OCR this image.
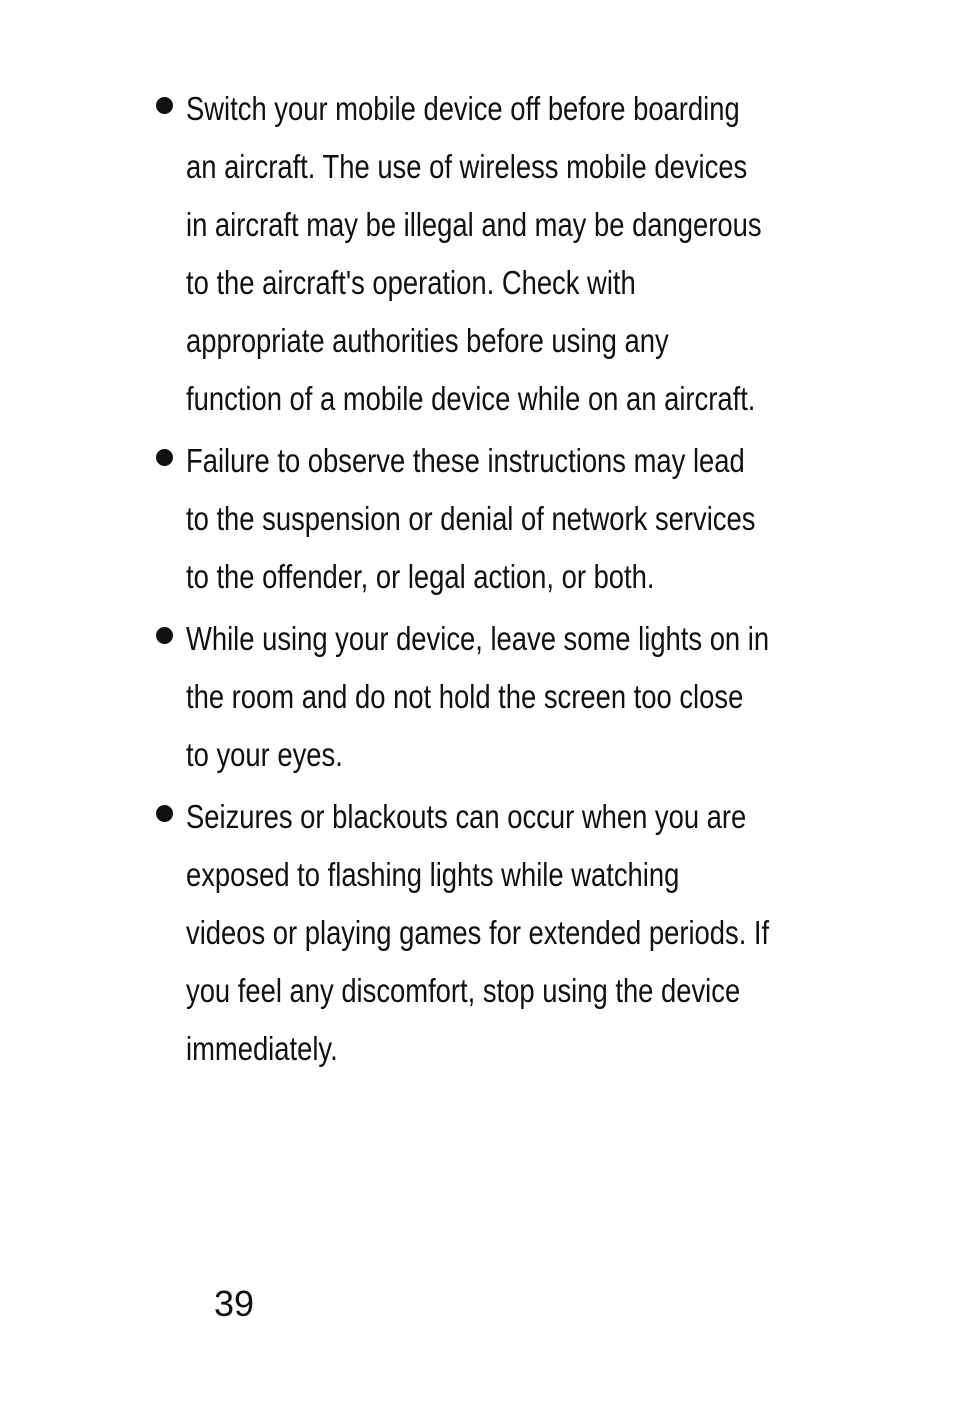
Switch your mobile device off before boarding
an aircraft. The use of wireless mobile devices
in aircraft may be illegal and may be dangerous
to the aircraft's operation. Check with
appropriate authorities before using any
function of a mobile device while on an aircraft.
Failure to observe these instructions may lead
to the suspension or denial of network services
to the offender, or legal action, or both.
While using your device, leave some lights on in
the room and do not hold the screen too close
to your eyes.
Seizures or blackouts can occur when you are
exposed to flashing lights while watching
videos or playing games for extended periods. If
you feel any discomfort, stop using the device
immediately.
39
